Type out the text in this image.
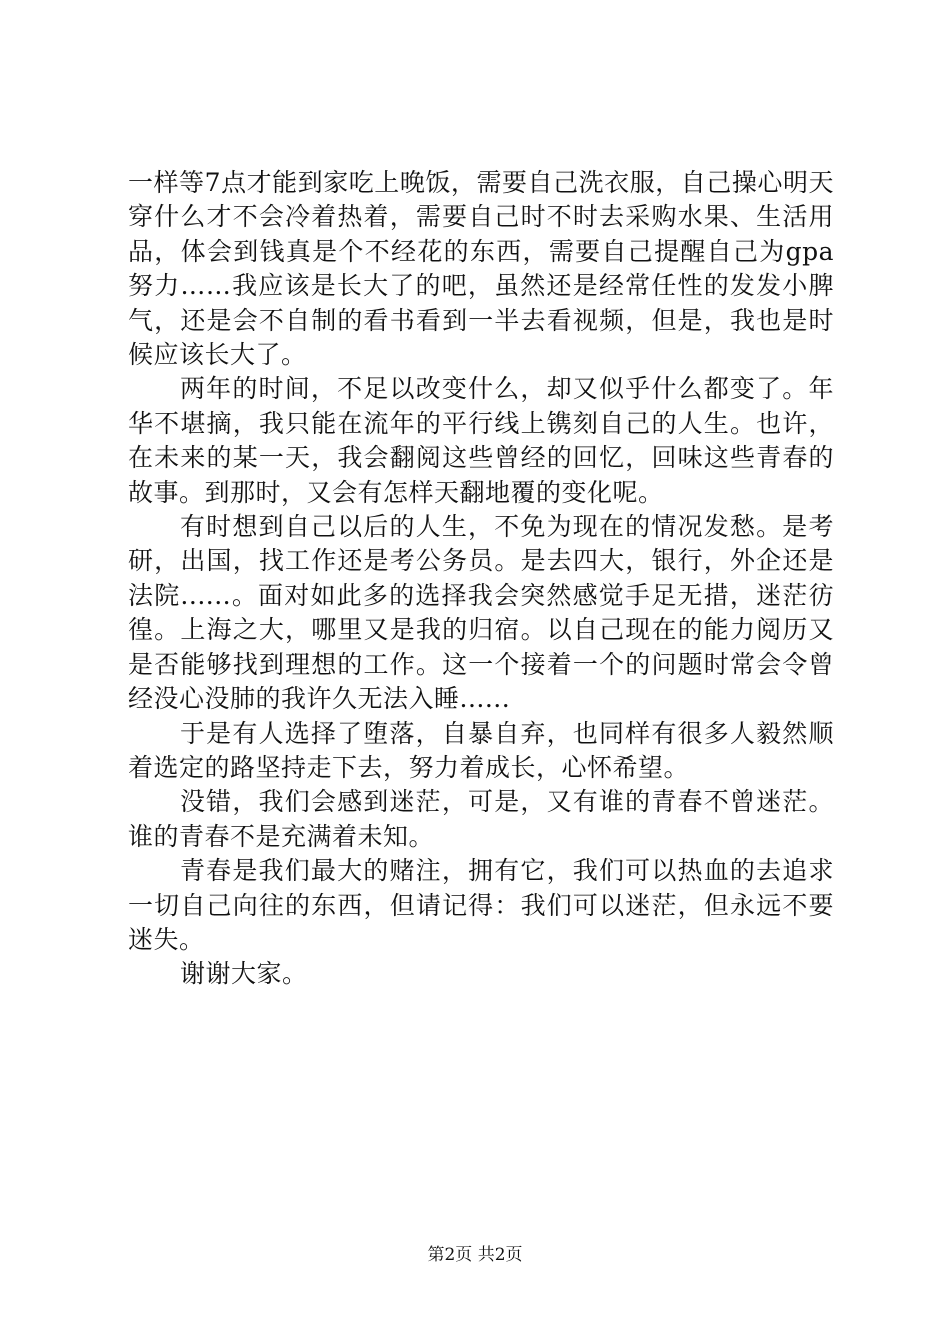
一样等7点才能到家吃上晚饭，需要自己洗衣服，自己操心明天穿什么才不会冷着热着，需要自己时不时去采购水果、生活用品，体会到钱真是个不经花的东西，需要自己提醒自己为gpa努力……我应该是长大了的吧，虽然还是经常任性的发发小脾气，还是会不自制的看书看到一半去看视频，但是，我也是时候应该长大了。

两年的时间，不足以改变什么，却又似乎什么都变了。年华不堪摘，我只能在流年的平行线上镌刻自己的人生。也许，在未来的某一天，我会翻阅这些曾经的回忆，回味这些青春的故事。到那时，又会有怎样天翻地覆的变化呢。

有时想到自己以后的人生，不免为现在的情况发愁。是考研，出国，找工作还是考公务员。是去四大，银行，外企还是法院......。面对如此多的选择我会突然感觉手足无措，迷茫彷徨。上海之大，哪里又是我的归宿。以自己现在的能力阅历又是否能够找到理想的工作。这一个接着一个的问题时常会令曾经没心没肺的我许久无法入睡......

于是有人选择了堕落，自暴自弃，也同样有很多人毅然顺着选定的路坚持走下去，努力着成长，心怀希望。

没错，我们会感到迷茫，可是，又有谁的青春不曾迷茫。谁的青春不是充满着未知。

青春是我们最大的赌注，拥有它，我们可以热血的去追求一切自己向往的东西，但请记得：我们可以迷茫，但永远不要迷失。

谢谢大家。

第2页 共2页
